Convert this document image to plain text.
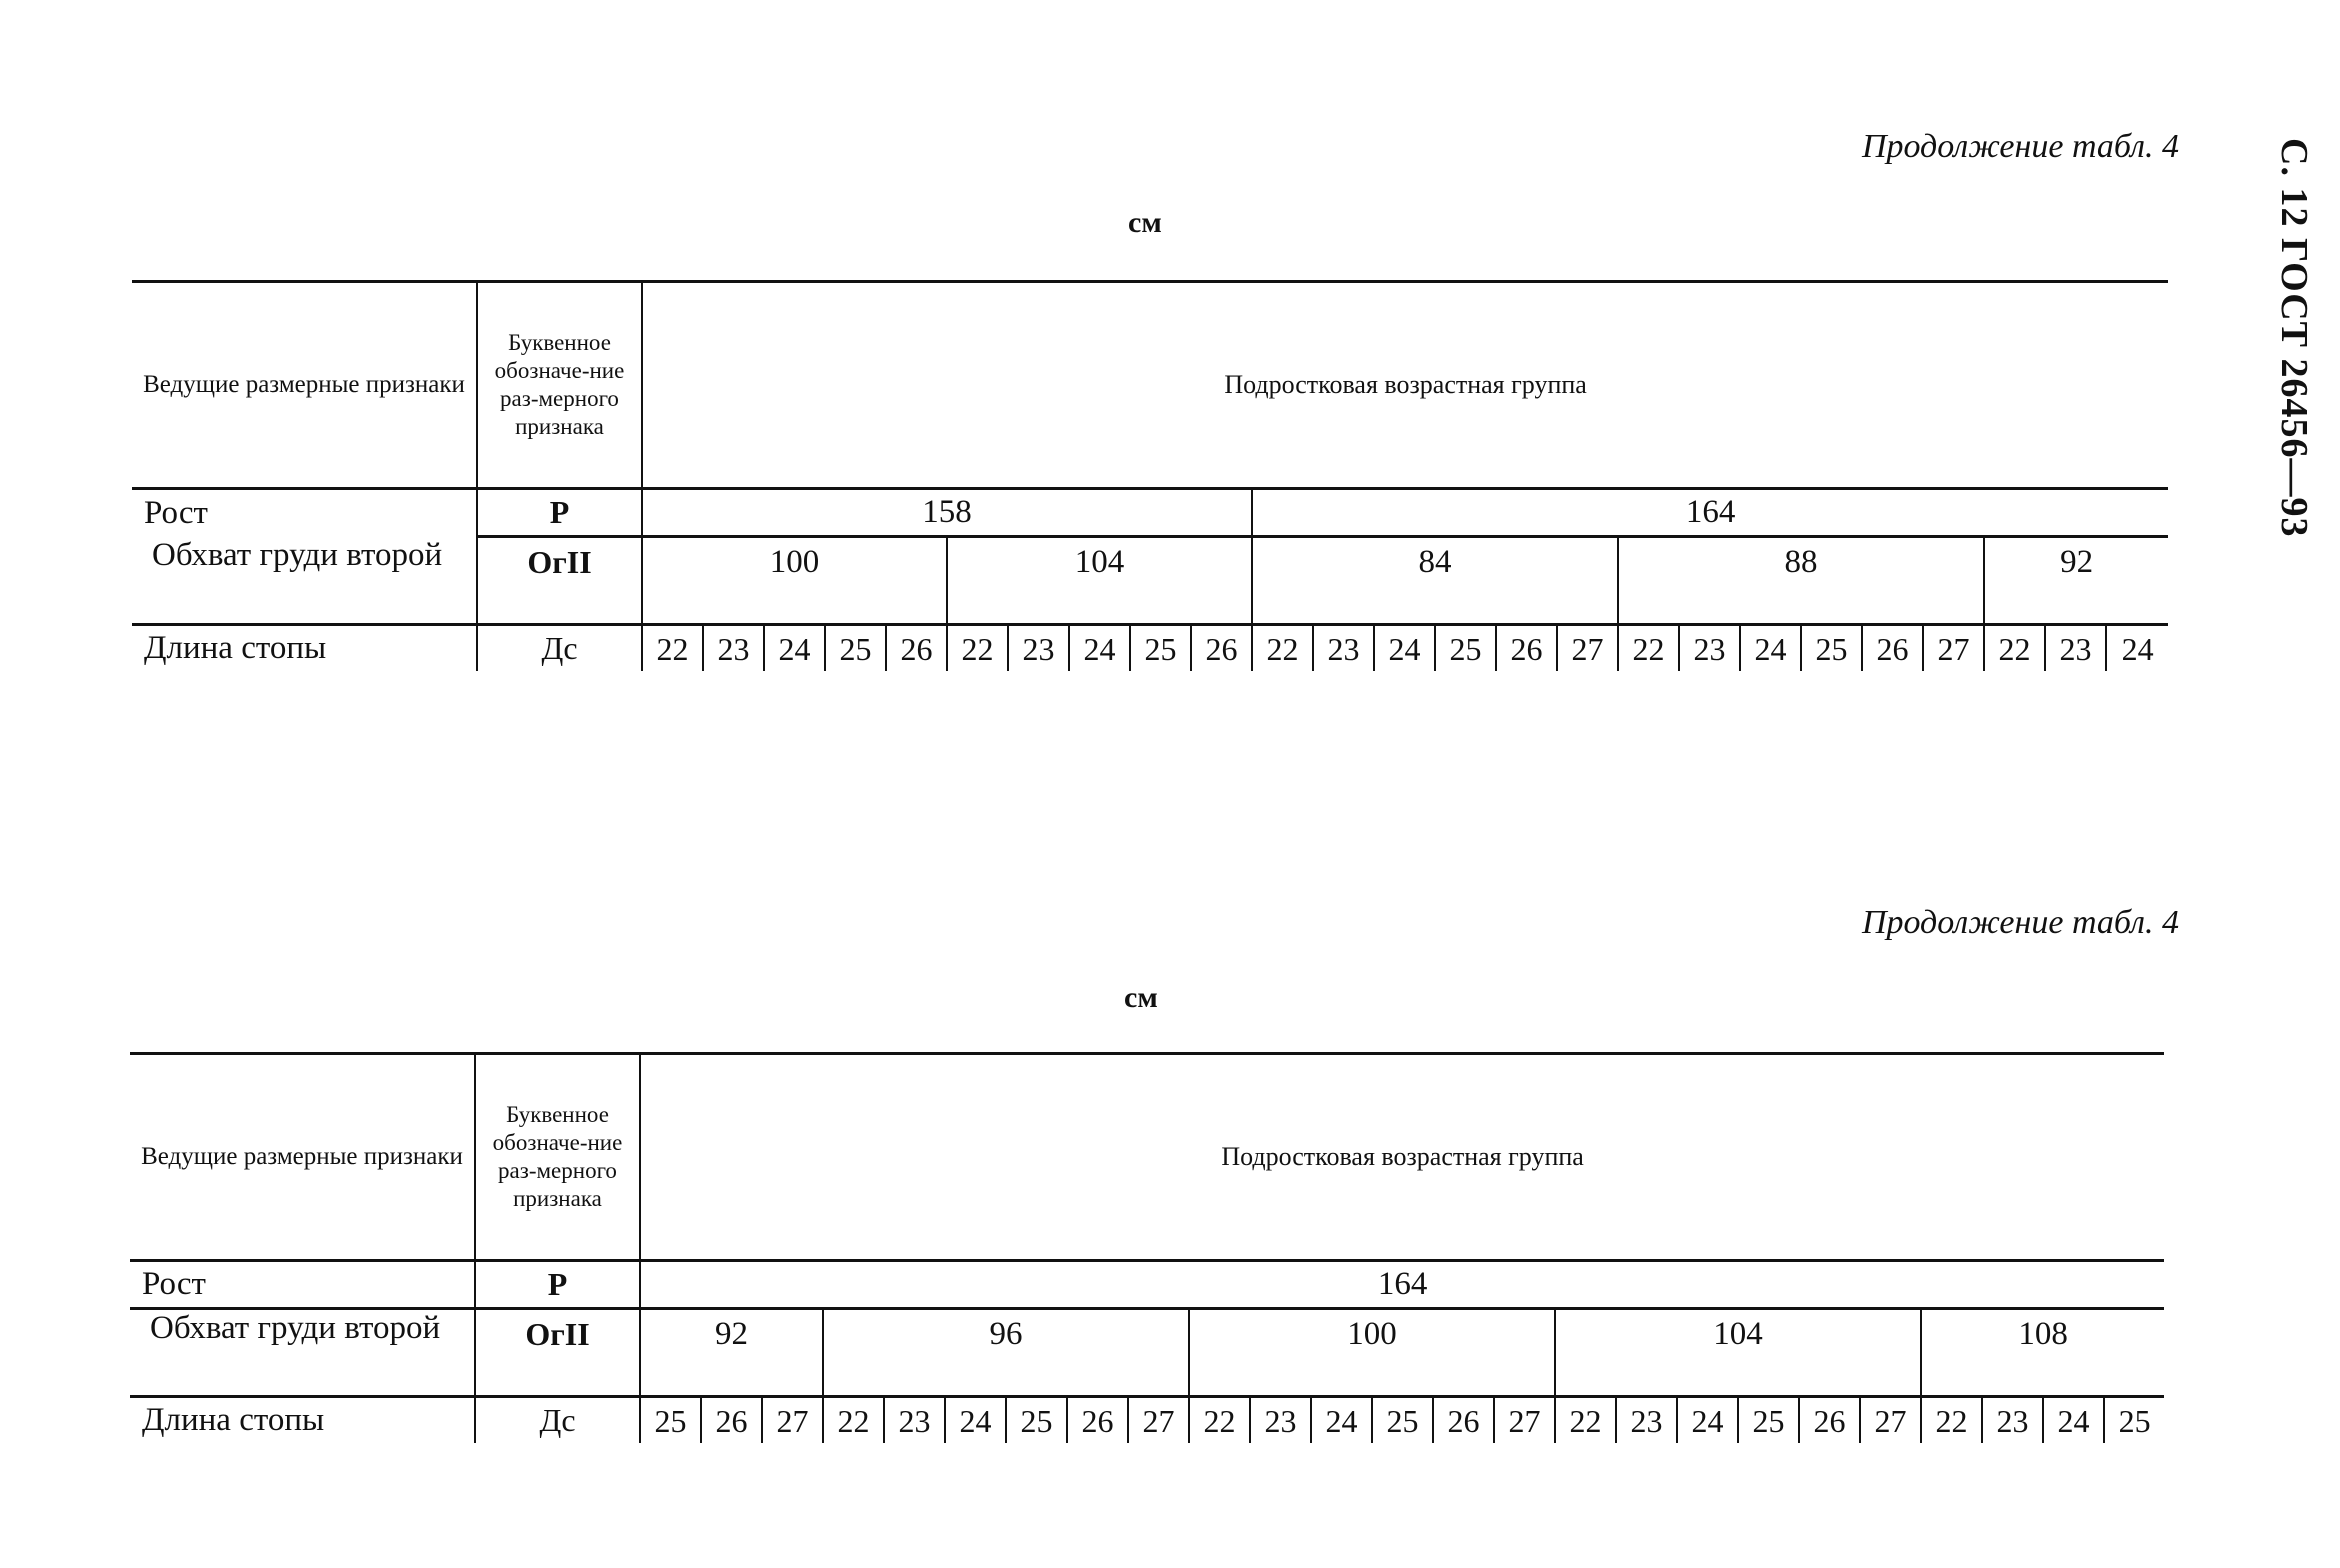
С. 12 ГОСТ 26456—93
Продолжение табл. 4
см
Ведущие размерные признаки	Буквенное обозначе-ние раз-мерного признака	Подростковая возрастная группа																								
Рост	Р	158										164														
Обхват груди второй	OгII	100					104					84						88						92		
Длина стопы	Дс	22	23	24	25	26	22	23	24	25	26	22	23	24	25	26	27	22	23	24	25	26	27	22	23	24
Продолжение табл. 4
см
Ведущие размерные признаки	Буквенное обозначе-ние раз-мерного признака	Подростковая возрастная группа																								
Рост	Р	164																								
Обхват груди второй	OгII	92			96						100						104						108			
Длина стопы	Дс	25	26	27	22	23	24	25	26	27	22	23	24	25	26	27	22	23	24	25	26	27	22	23	24	25
